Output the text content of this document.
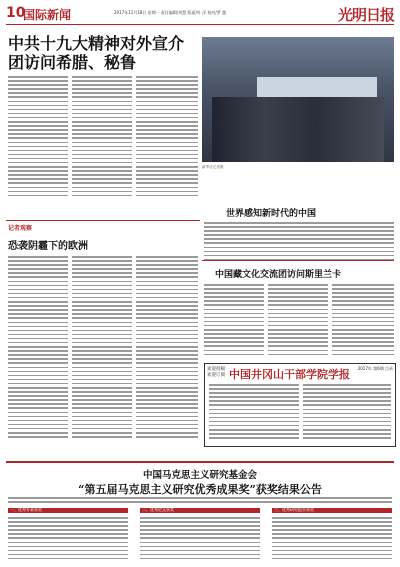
10
国际新闻	2017年11月18日 星期一 责任编辑/刘慧 版面/叶 洋 校对/罗 越	光明日报
中共十九大精神对外宣介团访问希腊、秘鲁
新华社记者摄
世界感知新时代的中国
记者观察
恐袭阴霾下的欧洲
中国藏文化交流团访问斯里兰卡
欢迎投稿 欢迎订阅 中国井冈山干部学院学报 2017年 第6期 目录
中国马克思主义研究基金会
“第五届马克思主义研究优秀成果奖”获奖结果公告
一、优秀专著获奖	二、优秀论文获奖	三、优秀研究报告获奖
